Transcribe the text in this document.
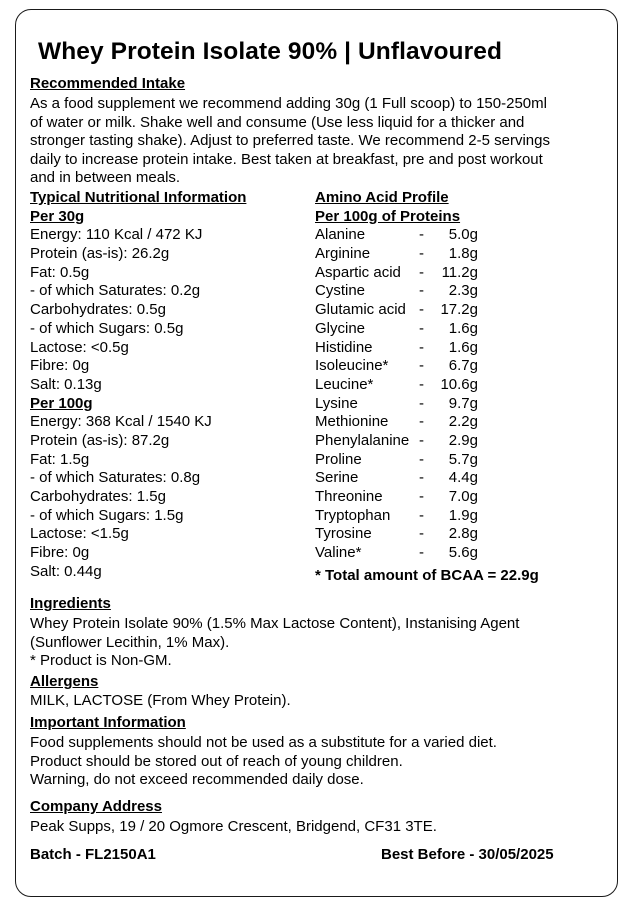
Whey Protein Isolate 90% | Unflavoured
Recommended Intake

As a food supplement we recommend adding 30g (1 Full scoop) to 150-250ml

of water or milk. Shake well and consume (Use less liquid for a thicker and

stronger tasting shake). Adjust to preferred taste. We recommend 2-5 servings

daily to increase protein intake. Best taken at breakfast, pre and post workout

and in between meals.

Typical Nutritional Information
Per 30g
Energy: 110 Kcal / 472 KJ
Protein (as-is): 26.2g
Fat: 0.5g
- of which Saturates: 0.2g
Carbohydrates: 0.5g
- of which Sugars: 0.5g
Lactose: <0.5g
Fibre: 0g
Salt: 0.13g
Per 100g
Energy: 368 Kcal / 1540 KJ
Protein (as-is): 87.2g
Fat: 1.5g
- of which Saturates: 0.8g
Carbohydrates: 1.5g
- of which Sugars: 1.5g
Lactose: <1.5g
Fibre: 0g
Salt: 0.44g
Amino Acid Profile
Per 100g of Proteins
Alanine	- 5.0g
Arginine	- 1.8g
Aspartic acid - 11.2g
Cystine	- 2.3g
Glutamic acid - 17.2g
Glycine	- 1.6g
Histidine	- 1.6g
Isoleucine* - 6.7g
Leucine*	- 10.6g
Lysine	- 9.7g
Methionine - 2.2g
Phenylalanine - 2.9g
Proline	- 5.7g
Serine	- 4.4g
Threonine - 7.0g
Tryptophan - 1.9g
Tyrosine	- 2.8g
Valine*	- 5.6g
* Total amount of BCAA = 22.9g
Ingredients

Whey Protein Isolate 90% (1.5% Max Lactose Content), Instanising Agent

(Sunflower Lecithin, 1% Max).

* Product is Non-GM.

Allergens

MILK, LACTOSE (From Whey Protein).

Important Information

Food supplements should not be used as a substitute for a varied diet.

Product should be stored out of reach of young children.

Warning, do not exceed recommended daily dose.

Company Address

Peak Supps, 19 / 20 Ogmore Crescent, Bridgend, CF31 3TE.

Batch - FL2150A1	Best Before - 30/05/2025
